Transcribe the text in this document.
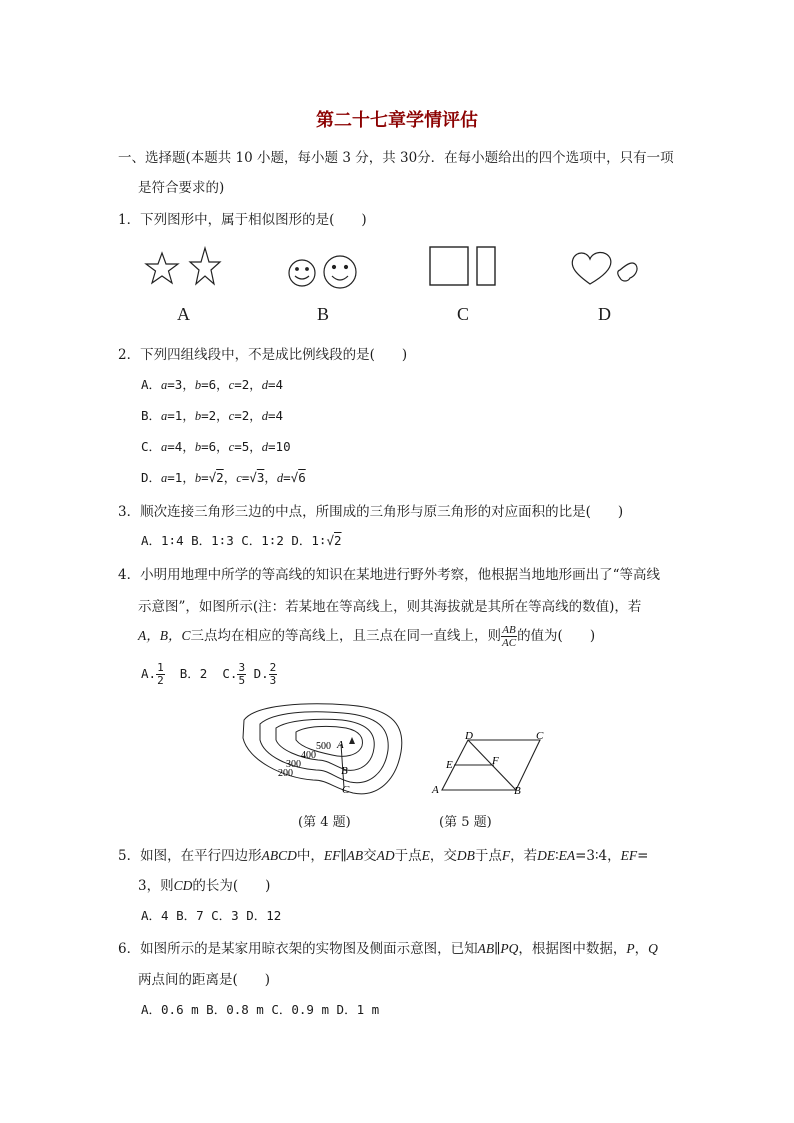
第二十七章学情评估
一、选择题(本题共 10 小题，每小题 3 分，共 30分．在每小题给出的四个选项中，只有一项
是符合要求的)
1．下列图形中，属于相似图形的是(　　)
A	B	C	D
2．下列四组线段中，不是成比例线段的是(　　)
A．a=3，b=6，c=2，d=4
B．a=1，b=2，c=2，d=4
C．a=4，b=6，c=5，d=10
D．a=1，b=√2，c=√3，d=√6
3．顺次连接三角形三边的中点，所围成的三角形与原三角形的对应面积的比是(　　)
A．1∶4 B．1∶3 C．1∶2 D．1∶√2
4．小明用地理中所学的等高线的知识在某地进行野外考察，他根据当地地形画出了“等高线
示意图”，如图所示(注：若某地在等高线上，则其海拔就是其所在等高线的数值)，若
A，B，C三点均在相应的等高线上，且三点在同一直线上，则 $\frac{AB}{AC}$ 的值为(　　)
A. $\frac{1}{2}$ B．2 C. $\frac{3}{5} D$. $\frac{2}{3}$
500
400
300
200
A
B
C
(第 4 题)
D	C
E	F
A	B
(第 5 题)
5．如图，在平行四边形ABCD中，EF∥AB交AD于点E，交DB于点F，若DE∶EA=3∶4，EF=
3，则CD的长为(　　)
A．4 B．7 C．3 D．12
6．如图所示的是某家用晾衣架的实物图及侧面示意图，已知AB∥PQ，根据图中数据，P，Q
两点间的距离是(　　)
A．0.6 m B．0.8 m C．0.9 m D．1 m
